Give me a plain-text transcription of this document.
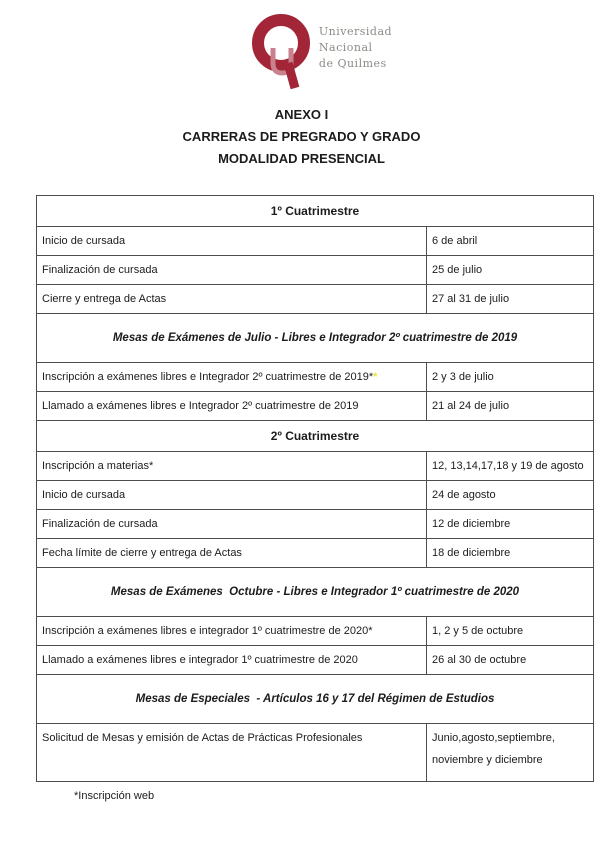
Universidad
Nacional
de Quilmes
ANEXO I
CARRERAS DE PREGRADO Y GRADO
MODALIDAD PRESENCIAL
1º Cuatrimestre	
Inicio de cursada	6 de abril
Finalización de cursada	25 de julio
Cierre y entrega de Actas	27 al 31 de julio
Mesas de Exámenes de Julio - Libres e Integrador 2º cuatrimestre de 2019	
Inscripción a exámenes libres e Integrador 2º cuatrimestre de 2019**	2 y 3 de julio
Llamado a exámenes libres e Integrador 2º cuatrimestre de 2019	21 al 24 de julio
2º Cuatrimestre	
Inscripción a materias*	12, 13,14,17,18 y 19 de agosto
Inicio de cursada	24 de agosto
Finalización de cursada	12 de diciembre
Fecha límite de cierre y entrega de Actas	18 de diciembre
Mesas de Exámenes  Octubre - Libres e Integrador 1º cuatrimestre de 2020	
Inscripción a exámenes libres e integrador 1º cuatrimestre de 2020*	1, 2 y 5 de octubre
Llamado a exámenes libres e integrador 1º cuatrimestre de 2020	26 al 30 de octubre
Mesas de Especiales  - Artículos 16 y 17 del Régimen de Estudios	
Solicitud de Mesas y emisión de Actas de Prácticas Profesionales	Junio,agosto,septiembre, noviembre y diciembre
*Inscripción web
